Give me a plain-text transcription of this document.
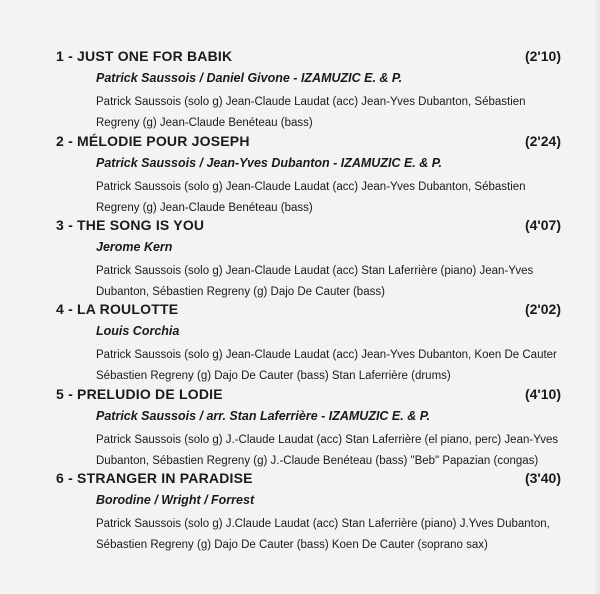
1 - JUST ONE FOR BABIK	(2'10)
Patrick Saussois / Daniel Givone - IZAMUZIC E. & P.
Patrick Saussois (solo g) Jean-Claude Laudat (acc) Jean-Yves Dubanton, Sébastien
Regreny (g) Jean-Claude Benéteau (bass)
2 - MÉLODIE POUR JOSEPH	(2'24)
Patrick Saussois / Jean-Yves Dubanton - IZAMUZIC E. & P.
Patrick Saussois (solo g) Jean-Claude Laudat (acc) Jean-Yves Dubanton, Sébastien
Regreny (g) Jean-Claude Benéteau (bass)
3 - THE SONG IS YOU	(4'07)
Jerome Kern
Patrick Saussois (solo g) Jean-Claude Laudat (acc) Stan Laferrière (piano) Jean-Yves
Dubanton, Sébastien Regreny (g) Dajo De Cauter (bass)
4 - LA ROULOTTE	(2'02)
Louis Corchia
Patrick Saussois (solo g) Jean-Claude Laudat (acc) Jean-Yves Dubanton, Koen De Cauter
Sébastien Regreny (g) Dajo De Cauter (bass) Stan Laferrière (drums)
5 - PRELUDIO DE LODIE	(4'10)
Patrick Saussois / arr. Stan Laferrière - IZAMUZIC E. & P.
Patrick Saussois (solo g) J.-Claude Laudat (acc) Stan Laferrière (el piano, perc) Jean-Yves
Dubanton, Sébastien Regreny (g) J.-Claude Benéteau (bass) "Beb" Papazian (congas)
6 - STRANGER IN PARADISE	(3'40)
Borodine / Wright / Forrest
Patrick Saussois (solo g) J.Claude Laudat (acc) Stan Laferrière (piano) J.Yves Dubanton,
Sébastien Regreny (g) Dajo De Cauter (bass) Koen De Cauter (soprano sax)
